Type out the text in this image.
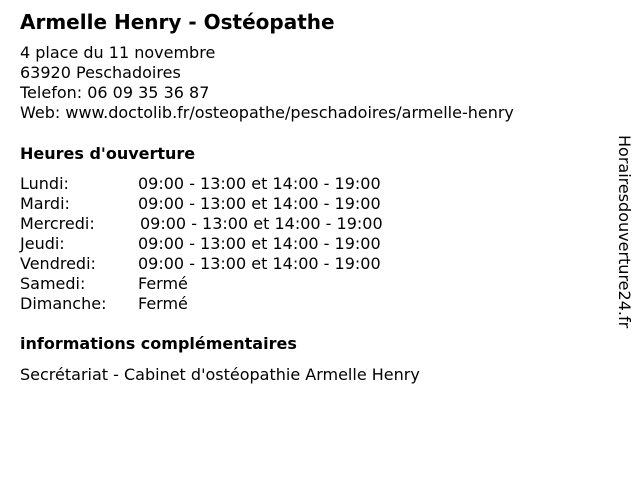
Armelle Henry - Ostéopathe
4 place du 11 novembre
63920 Peschadoires
Telefon: 06 09 35 36 87
Web: www.doctolib.fr/osteopathe/peschadoires/armelle-henry
Heures d'ouverture
Lundi:	09:00 - 13:00 et 14:00 - 19:00
Mardi:	09:00 - 13:00 et 14:00 - 19:00
Mercredi:	09:00 - 13:00 et 14:00 - 19:00
Jeudi:	09:00 - 13:00 et 14:00 - 19:00
Vendredi:	09:00 - 13:00 et 14:00 - 19:00
Samedi:	Fermé
Dimanche: Fermé
informations complémentaires
Secrétariat - Cabinet d'ostéopathie Armelle Henry
Horairesdouverture24.fr
